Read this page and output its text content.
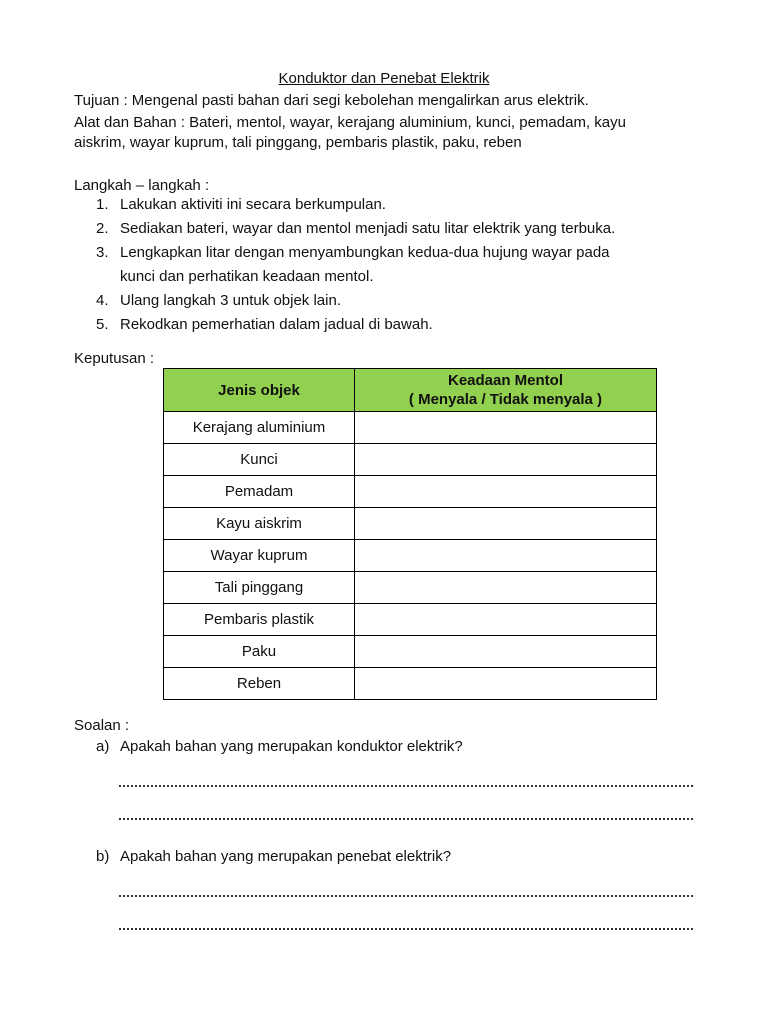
Konduktor dan Penebat Elektrik

Tujuan : Mengenal pasti bahan dari segi kebolehan mengalirkan arus elektrik.

Alat dan Bahan : Bateri, mentol, wayar, kerajang aluminium, kunci, pemadam, kayu

aiskrim, wayar kuprum, tali pinggang, pembaris plastik, paku, reben

Langkah – langkah :

1. Lakukan aktiviti ini secara berkumpulan.
2. Sediakan bateri, wayar dan mentol menjadi satu litar elektrik yang terbuka.
3. Lengkapkan litar dengan menyambungkan kedua-dua hujung wayar pada
kunci dan perhatikan keadaan mentol.
4. Ulang langkah 3 untuk objek lain.
5. Rekodkan pemerhatian dalam jadual di bawah.

Keputusan :

Jenis objek	Keadaan Mentol
( Menyala / Tidak menyala )
Kerajang aluminium	
Kunci	
Pemadam	
Kayu aiskrim	
Wayar kuprum	
Tali pinggang	
Pembaris plastik	
Paku	
Reben	

Soalan :

a) Apakah bahan yang merupakan konduktor elektrik?
b) Apakah bahan yang merupakan penebat elektrik?
